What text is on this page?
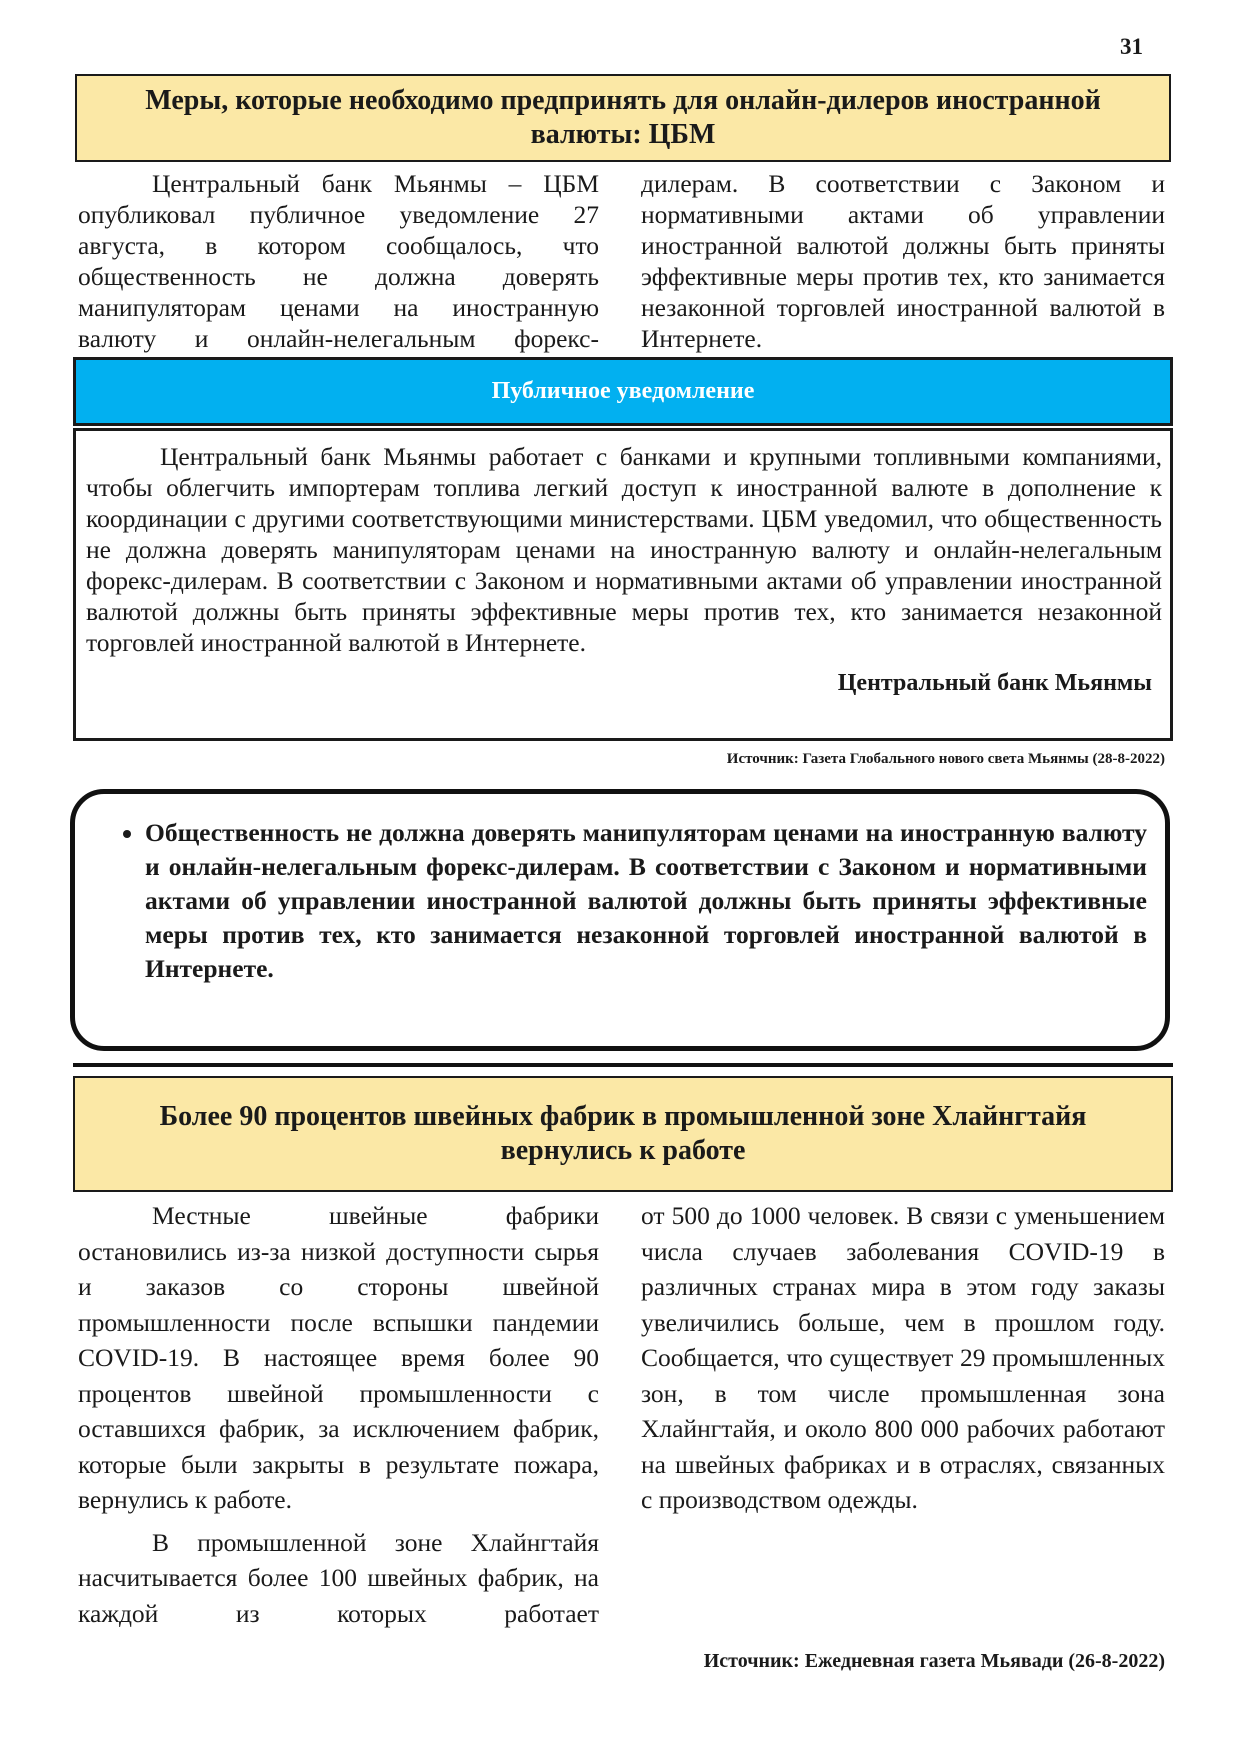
31
Меры, которые необходимо предпринять для онлайн-дилеров иностранной
валюты: ЦБМ

Центральный банк Мьянмы – ЦБМ опубликовал публичное уведомление 27 августа, в котором сообщалось, что общественность не должна доверять манипуляторам ценами на иностранную валюту и онлайн-нелегальным форекс-

дилерам. В соответствии с Законом и нормативными актами об управлении иностранной валютой должны быть приняты эффективные меры против тех, кто занимается незаконной торговлей иностранной валютой в Интернете.

Публичное уведомление

Центральный банк Мьянмы работает с банками и крупными топливными компаниями, чтобы облегчить импортерам топлива легкий доступ к иностранной валюте в дополнение к координации с другими соответствующими министерствами. ЦБМ уведомил, что общественность не должна доверять манипуляторам ценами на иностранную валюту и онлайн-нелегальным форекс-дилерам. В соответствии с Законом и нормативными актами об управлении иностранной валютой должны быть приняты эффективные меры против тех, кто занимается незаконной торговлей иностранной валютой в Интернете.

Центральный банк Мьянмы
Источник: Газета Глобального нового света Мьянмы (28-8-2022)
• Общественность не должна доверять манипуляторам ценами на иностранную валюту и онлайн-нелегальным форекс-дилерам. В соответствии с Законом и нормативными актами об управлении иностранной валютой должны быть приняты эффективные меры против тех, кто занимается незаконной торговлей иностранной валютой в Интернете.
Более 90 процентов швейных фабрик в промышленной зоне Хлайнгтайя
вернулись к работе

Местные швейные фабрики остановились из-за низкой доступности сырья и заказов со стороны швейной промышленности после вспышки пандемии COVID-19. В настоящее время более 90 процентов швейной промышленности с оставшихся фабрик, за исключением фабрик, которые были закрыты в результате пожара, вернулись к работе.

В промышленной зоне Хлайнгтайя насчитывается более 100 швейных фабрик, на каждой из которых работает

от 500 до 1000 человек. В связи с уменьшением числа случаев заболевания COVID-19 в различных странах мира в этом году заказы увеличились больше, чем в прошлом году. Сообщается, что существует 29 промышленных зон, в том числе промышленная зона Хлайнгтайя, и около 800 000 рабочих работают на швейных фабриках и в отраслях, связанных с производством одежды.

Источник: Ежедневная газета Мьявади (26-8-2022)
